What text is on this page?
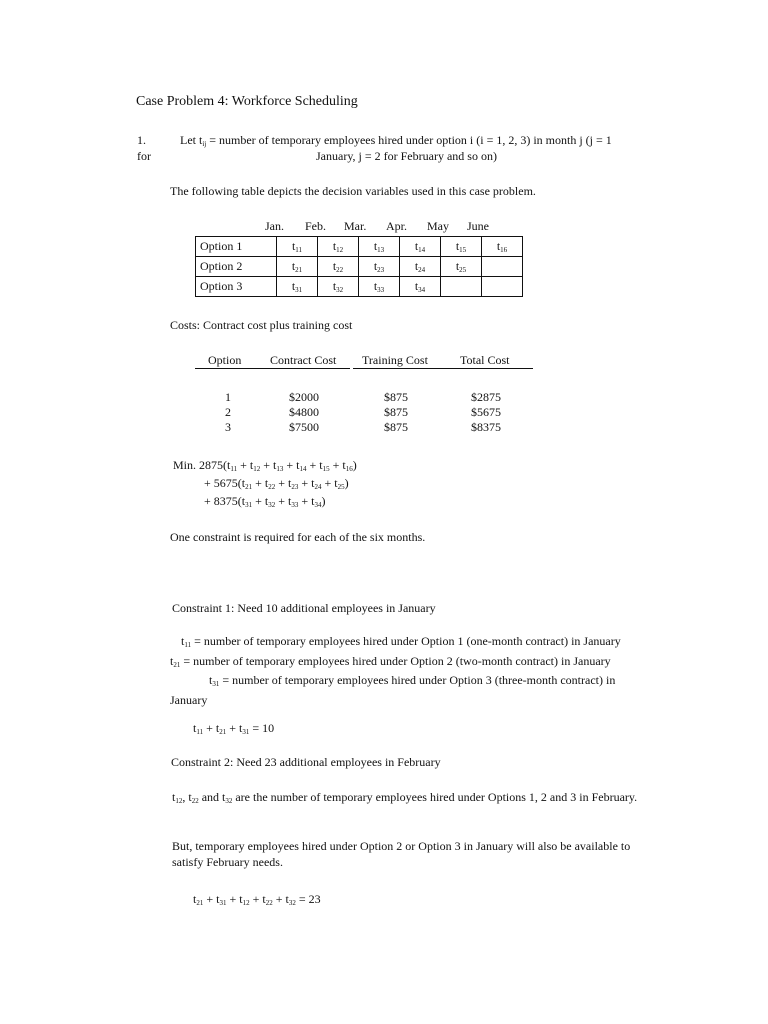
Case Problem 4: Workforce Scheduling
1.	Let $t_{ij}$ = number of temporary employees hired under option i (i = 1, 2, 3) in month j (j = 1
for	January, j = 2 for February and so on)
The following table depicts the decision variables used in this case problem.
Jan. Feb. Mar. Apr. May June
Option 1	$t_{11}$	$t_{12}$	$t_{13}$	$t_{14}$	$t_{15}$	$t_{16}$
Option 2	$t_{21}$	$t_{22}$	$t_{23}$	$t_{24}$	$t_{25}$	
Option 3	$t_{31}$	$t_{32}$	$t_{33}$	$t_{34}$		
Costs: Contract cost plus training cost
Option Contract Cost Training Cost	Total Cost
1	$2000	$875	$2875
2	$4800	$875	$5675
3	$7500	$875	$8375
Min. $2875(t_{11} + t_{12} + t_{13} + t_{14} + t_{15} + t_{16})$
+ $5675(t_{21} + t_{22} + t_{23} + t_{24} + t_{25})$
+ $8375(t_{31} + t_{32} + t_{33} + t_{34})$
One constraint is required for each of the six months.
Constraint 1: Need 10 additional employees in January
$t_{11}$ = number of temporary employees hired under Option 1 (one-month contract) in January     $t_{21}$ = number of temporary employees hired under Option 2 (two-month contract) in January              $t_{31}$ = number of temporary employees hired under Option 3 (three-month contract) in January
$t_{11} + t_{21} + t_{31} = 10$
Constraint 2: Need 23 additional employees in February
$t_{12}$, $t_{22}$ and $t_{32}$ are the number of temporary employees hired under Options 1, 2 and 3 in February.
But, temporary employees hired under Option 2 or Option 3 in January will also be available to satisfy February needs.
$t_{21} + t_{31} + t_{12} + t_{22} + t_{32} = 23$
